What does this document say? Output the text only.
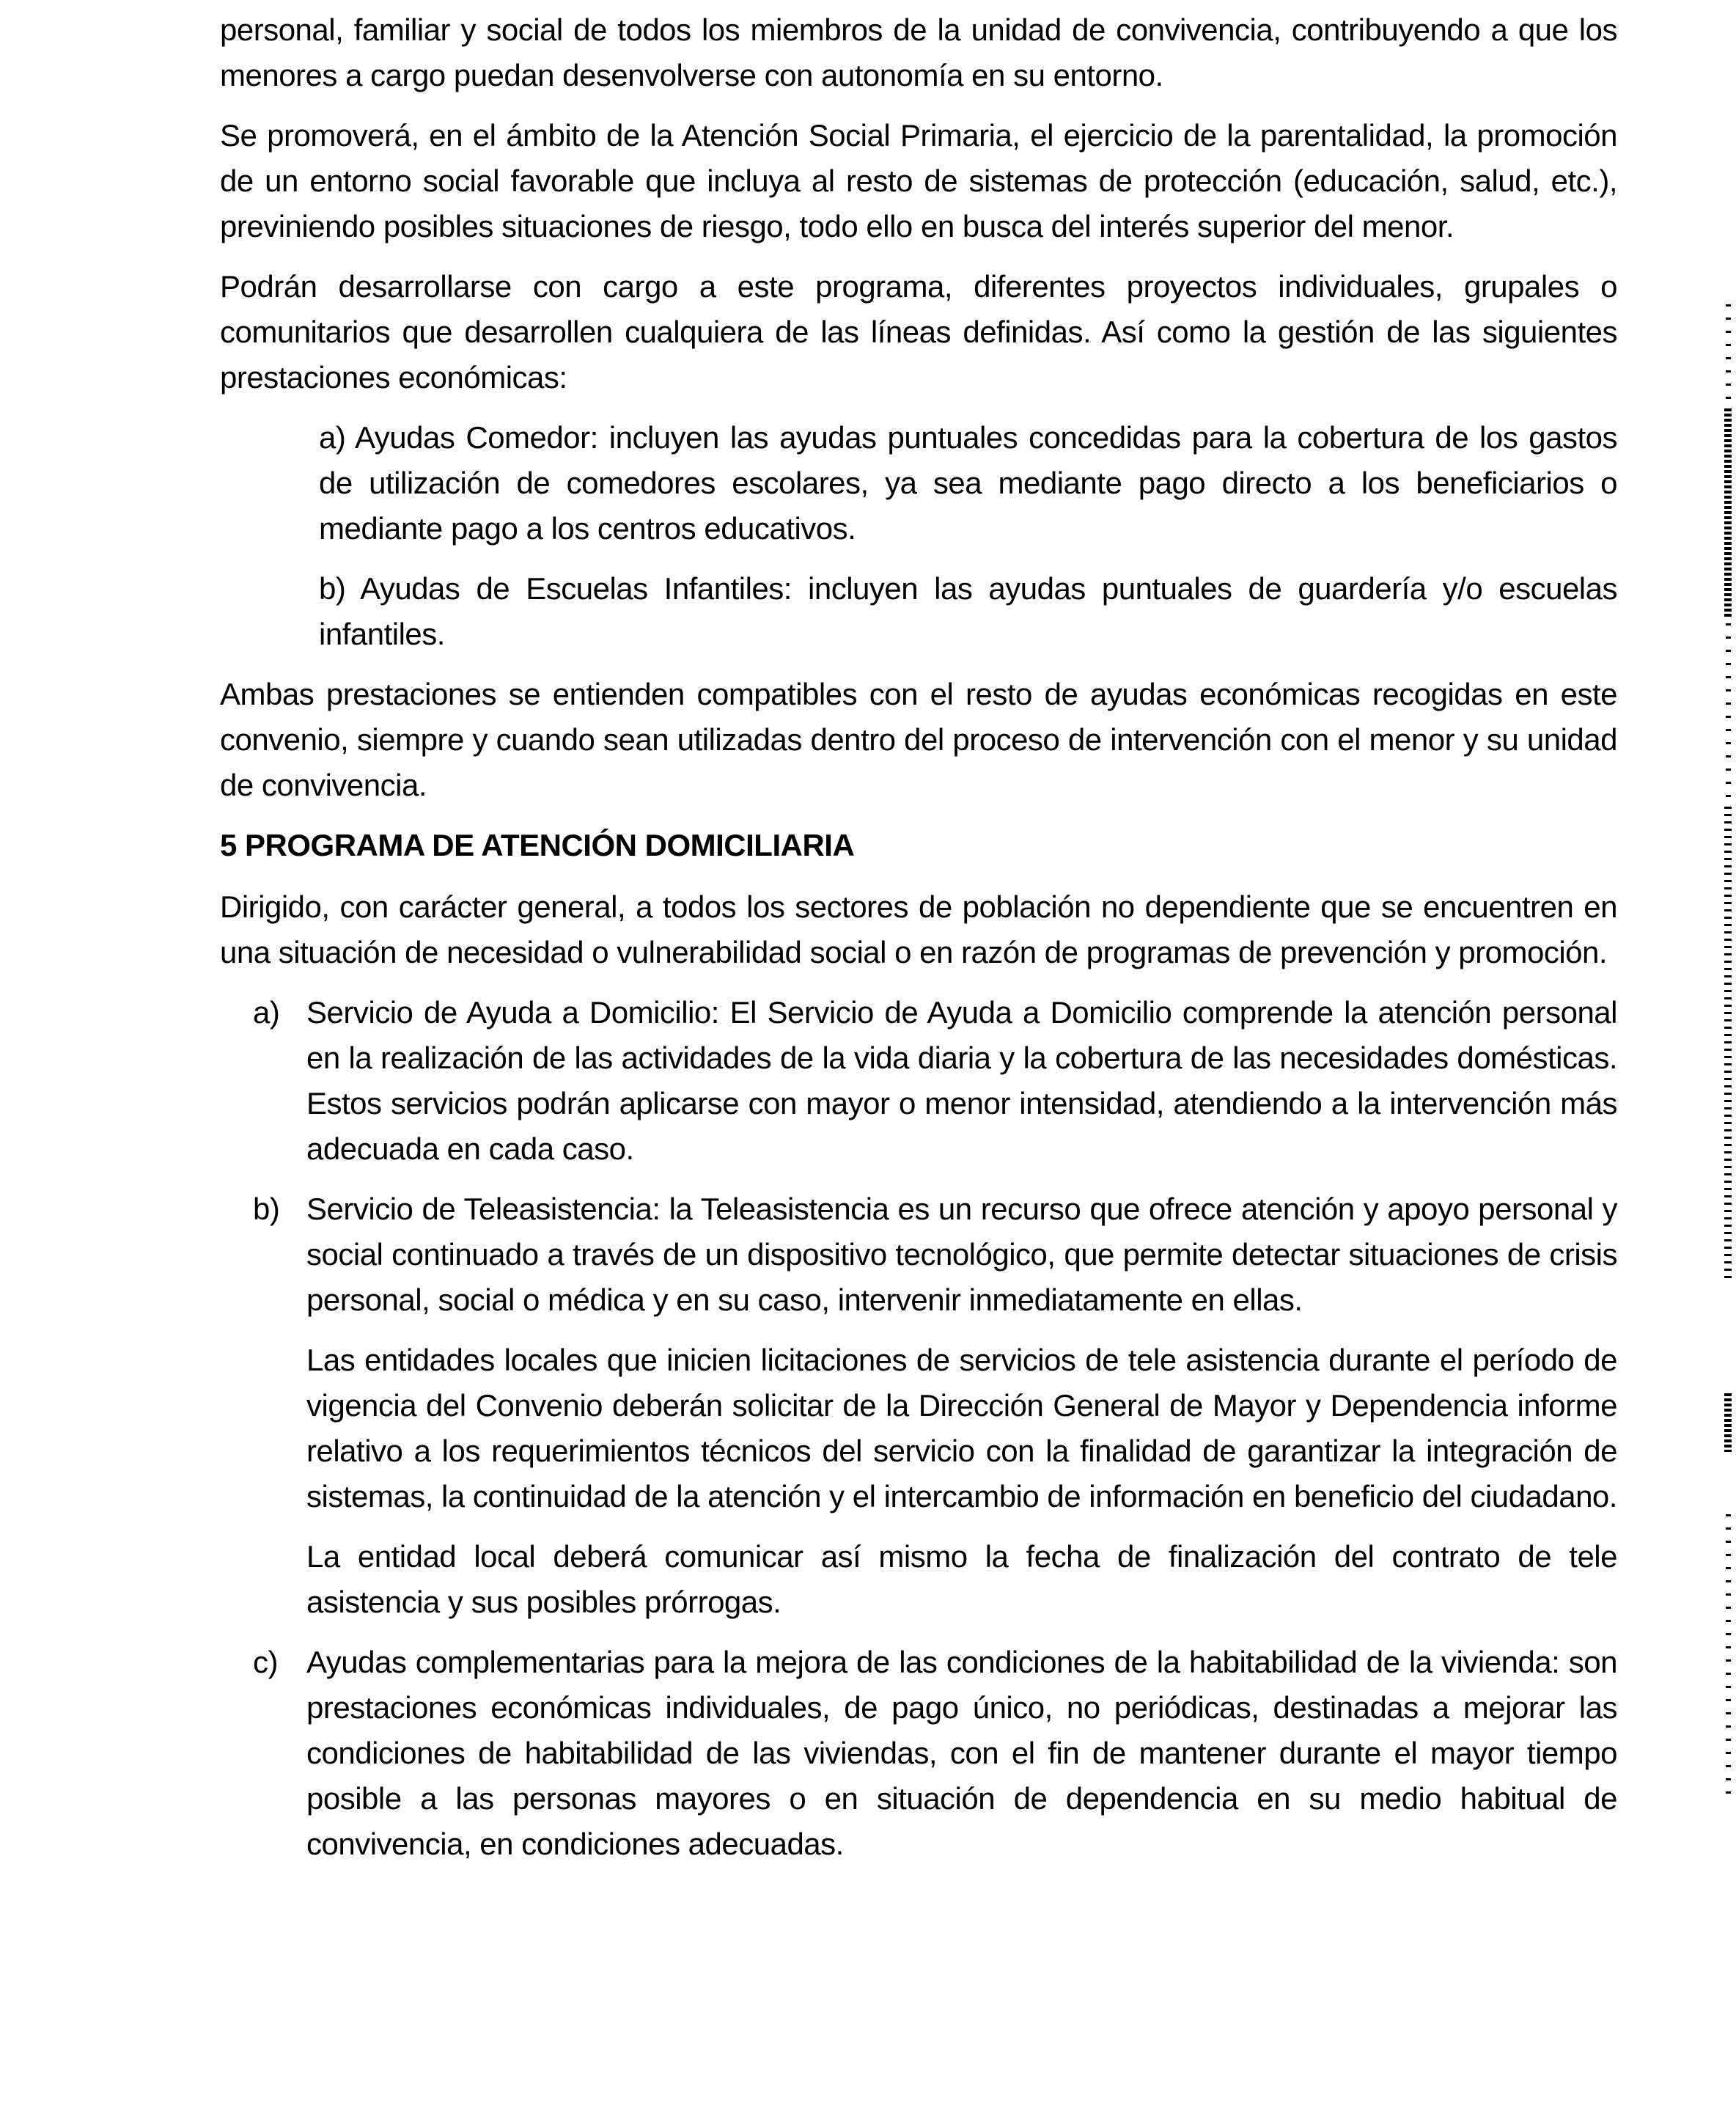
personal, familiar y social de todos los miembros de la unidad de convivencia, contribuyendo a que los menores a cargo puedan desenvolverse con autonomía en su entorno.

Se promoverá, en el ámbito de la Atención Social Primaria, el ejercicio de la parentalidad, la promoción de un entorno social favorable que incluya al resto de sistemas de protección (educación, salud, etc.), previniendo posibles situaciones de riesgo, todo ello en busca del interés superior del menor.

Podrán desarrollarse con cargo a este programa, diferentes proyectos individuales, grupales o comunitarios que desarrollen cualquiera de las líneas definidas. Así como la gestión de las siguientes prestaciones económicas:

a) Ayudas Comedor: incluyen las ayudas puntuales concedidas para la cobertura de los gastos de utilización de comedores escolares, ya sea mediante pago directo a los beneficiarios o mediante pago a los centros educativos.

b) Ayudas de Escuelas Infantiles: incluyen las ayudas puntuales de guardería y/o escuelas infantiles.

Ambas prestaciones se entienden compatibles con el resto de ayudas económicas recogidas en este convenio, siempre y cuando sean utilizadas dentro del proceso de intervención con el menor y su unidad de convivencia.

5 PROGRAMA DE ATENCIÓN DOMICILIARIA

Dirigido, con carácter general, a todos los sectores de población no dependiente que se encuentren en una situación de necesidad o vulnerabilidad social o en razón de programas de prevención y promoción.

a) Servicio de Ayuda a Domicilio: El Servicio de Ayuda a Domicilio comprende la atención personal en la realización de las actividades de la vida diaria y la cobertura de las necesidades domésticas. Estos servicios podrán aplicarse con mayor o menor intensidad, atendiendo a la intervención más adecuada en cada caso.
b) Servicio de Teleasistencia: la Teleasistencia es un recurso que ofrece atención y apoyo personal y social continuado a través de un dispositivo tecnológico, que permite detectar situaciones de crisis personal, social o médica y en su caso, intervenir inmediatamente en ellas.

Las entidades locales que inicien licitaciones de servicios de tele asistencia durante el período de vigencia del Convenio deberán solicitar de la Dirección General de Mayor y Dependencia informe relativo a los requerimientos técnicos del servicio con la finalidad de garantizar la integración de sistemas, la continuidad de la atención y el intercambio de información en beneficio del ciudadano.

La entidad local deberá comunicar así mismo la fecha de finalización del contrato de tele asistencia y sus posibles prórrogas.

c) Ayudas complementarias para la mejora de las condiciones de la habitabilidad de la vivienda: son prestaciones económicas individuales, de pago único, no periódicas, destinadas a mejorar las condiciones de habitabilidad de las viviendas, con el fin de mantener durante el mayor tiempo posible a las personas mayores o en situación de dependencia en su medio habitual de convivencia, en condiciones adecuadas.
